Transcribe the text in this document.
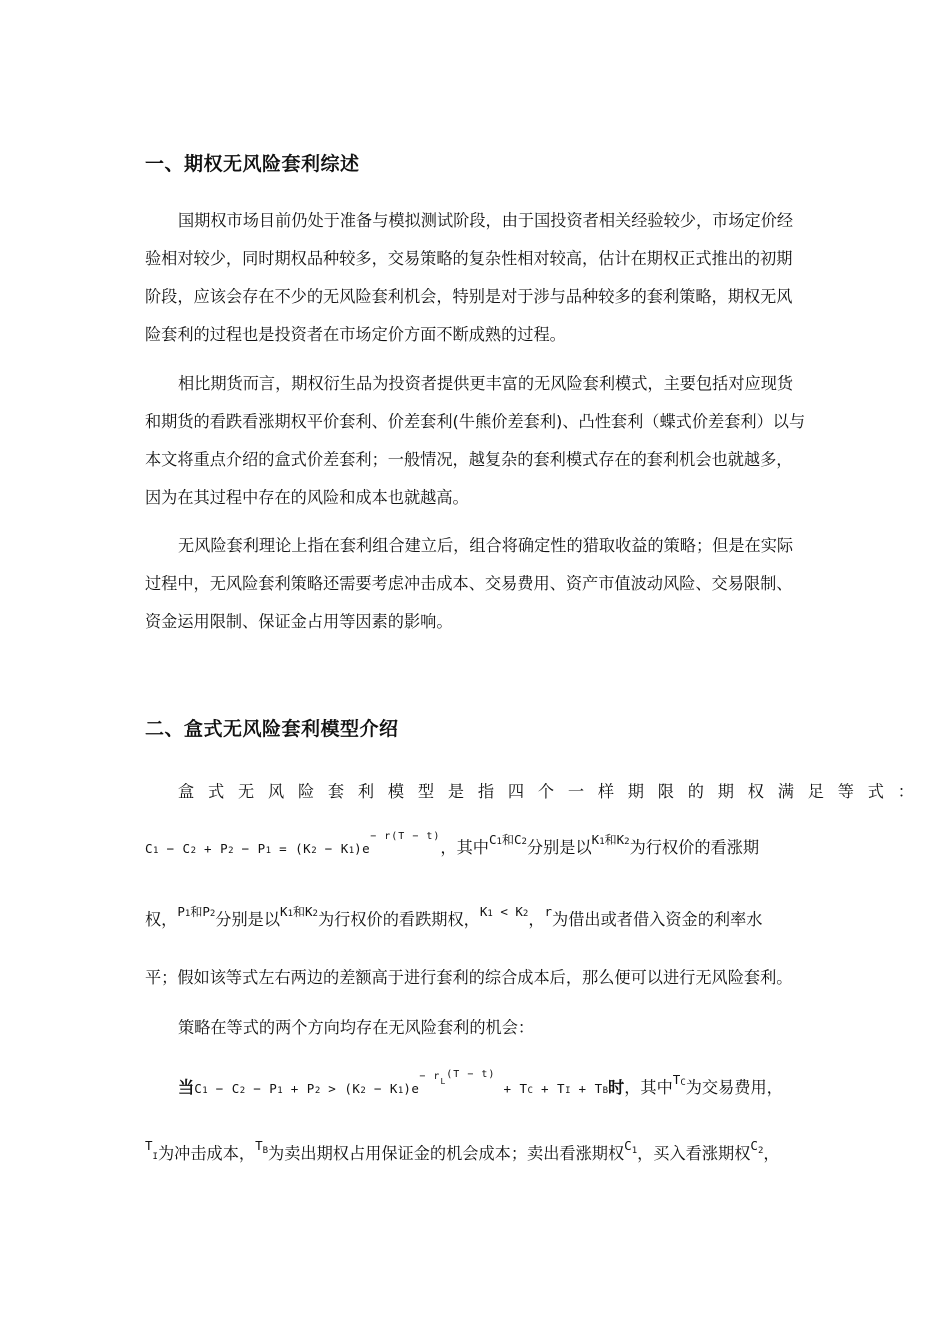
一、期权无风险套利综述

国期权市场目前仍处于准备与模拟测试阶段，由于国投资者相关经验较少，市场定价经验相对较少，同时期权品种较多，交易策略的复杂性相对较高，估计在期权正式推出的初期阶段，应该会存在不少的无风险套利机会，特别是对于涉与品种较多的套利策略，期权无风险套利的过程也是投资者在市场定价方面不断成熟的过程。

相比期货而言，期权衍生品为投资者提供更丰富的无风险套利模式，主要包括对应现货和期货的看跌看涨期权平价套利、价差套利(牛熊价差套利)、凸性套利（蝶式价差套利）以与本文将重点介绍的盒式价差套利；一般情况，越复杂的套利模式存在的套利机会也就越多，因为在其过程中存在的风险和成本也就越高。

无风险套利理论上指在套利组合建立后，组合将确定性的猎取收益的策略；但是在实际过程中，无风险套利策略还需要考虑冲击成本、交易费用、资产市值波动风险、交易限制、资金运用限制、保证金占用等因素的影响。

二、盒式无风险套利模型介绍

盒式无风险套利模型是指四个一样期限的期权满足等式：

$C1 - C2 + P2 - P1 = (K2 - K1)e^{- r(T - t)}$，其中$^{C1和C2}$分别是以$^{K1和K2}$为行权价的看涨期

权，$^{P1和P2}$分别是以$^{K1和K2}$为行权价的看跌期权，$^{K1}$ < $^{K2}$，$^r$为借出或者借入资金的利率水

平；假如该等式左右两边的差额高于进行套利的综合成本后，那么便可以进行无风险套利。

策略在等式的两个方向均存在无风险套利的机会：

当$C1 - C2 - P1 + P2 > (K2 - K1)e^{- rL(T - t)}$ + TC + TI + TB时，其中$^{TC}$为交易费用，

$^T$I为冲击成本，$^{TB}$为卖出期权占用保证金的机会成本；卖出看涨期权$^{C1}$，买入看涨期权$^{C2}$，
